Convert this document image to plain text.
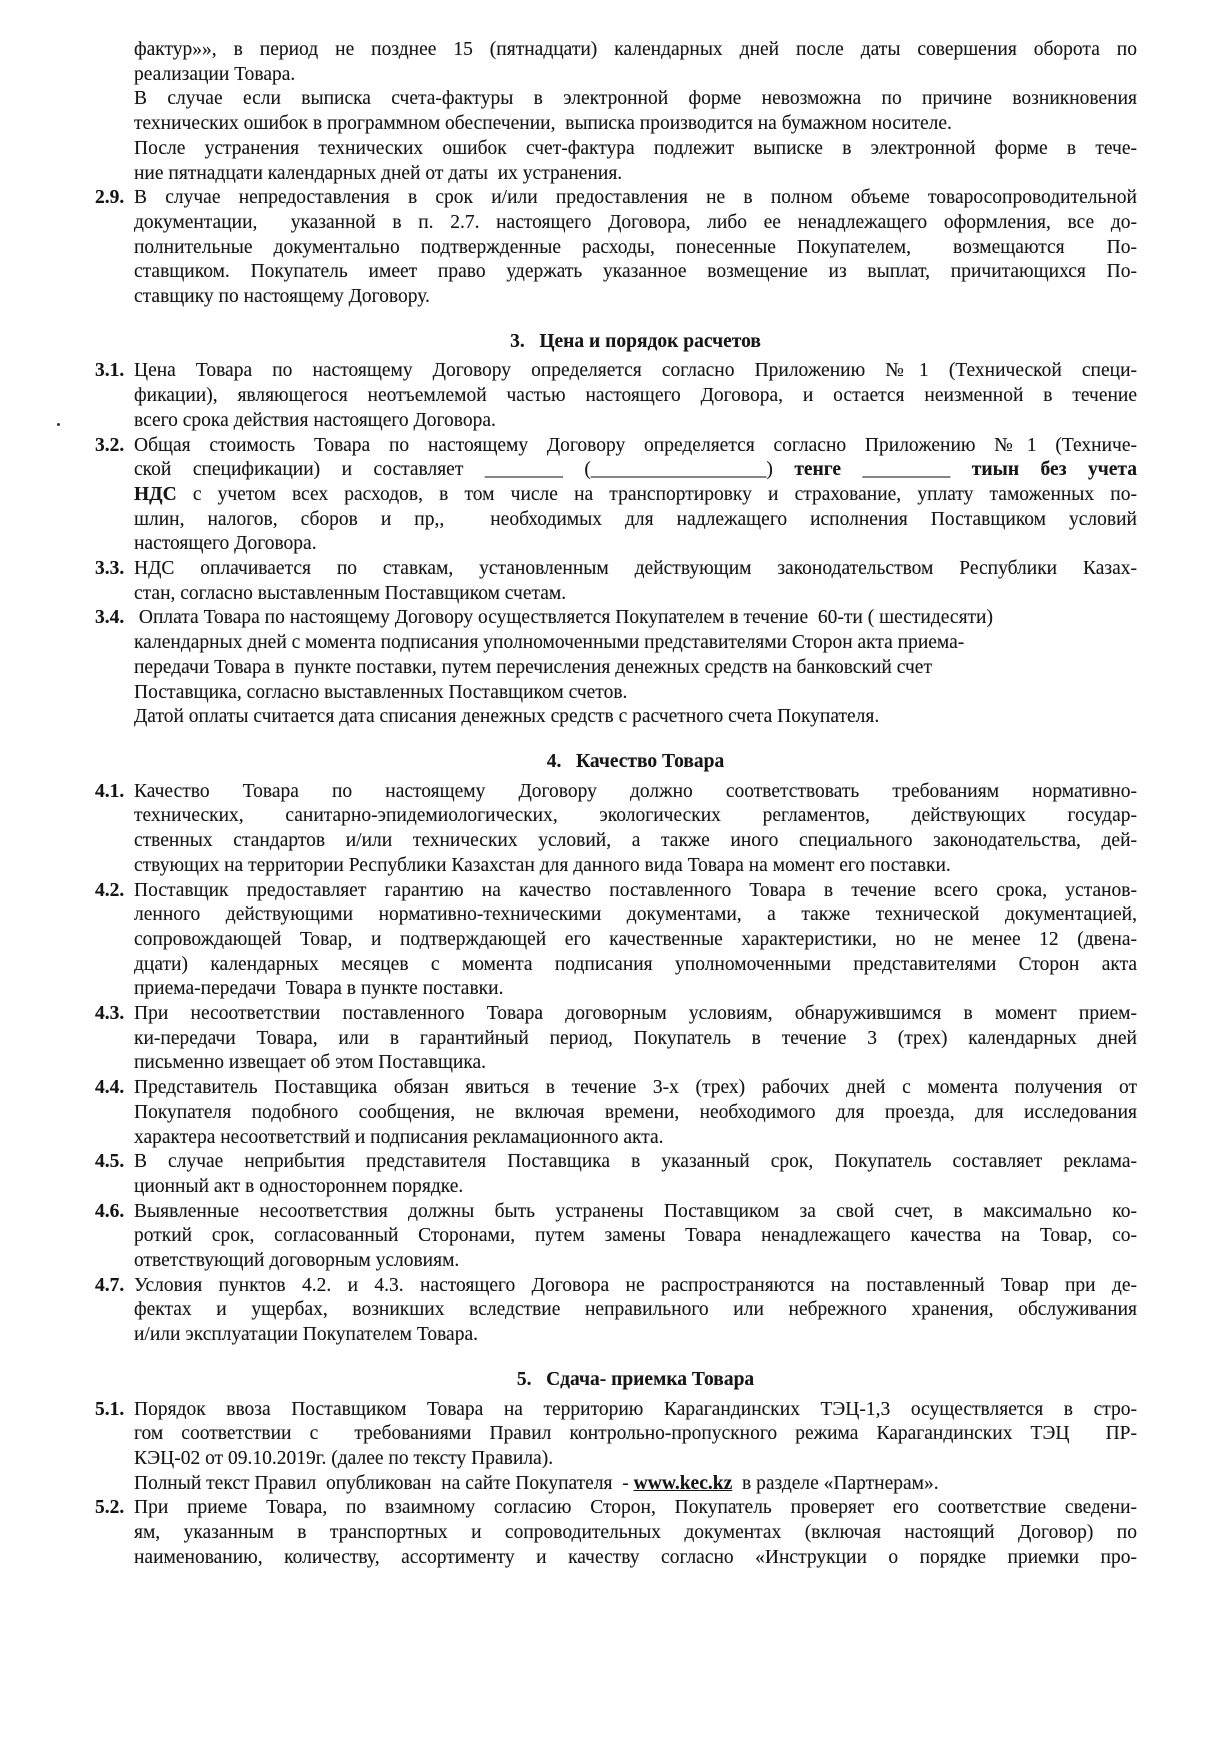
фактур»», в период не позднее 15 (пятнадцати) календарных дней после даты совершения оборота по
реализации Товара.
В случае если выписка счета-фактуры в электронной форме невозможна по причине возникновения
технических ошибок в программном обеспечении,  выписка производится на бумажном носителе.
После устранения технических ошибок счет-фактура подлежит выписке в электронной форме в тече-
ние пятнадцати календарных дней от даты  их устранения.
2.9. В случае непредоставления в срок и/или предоставления не в полном объеме товаросопроводительной
документации,  указанной в п. 2.7. настоящего Договора, либо ее ненадлежащего оформления, все до-
полнительные документально подтвержденные расходы, понесенные Покупателем,  возмещаются  По-
ставщиком. Покупатель имеет право удержать указанное возмещение из выплат, причитающихся По-
ставщику по настоящему Договору.
3.   Цена и порядок расчетов
3.1. Цена Товара по настоящему Договору определяется согласно Приложению №1 (Технической специ-
фикации), являющегося неотъемлемой частью настоящего Договора, и остается неизменной в течение
всего срока действия настоящего Договора.
3.2. Общая стоимость Товара по настоящему Договору определяется согласно Приложению №1 (Техниче-
ской спецификации) и составляет ________ (__________________) тенге _________ тиын без учета
НДС с учетом всех расходов, в том числе на транспортировку и страхование, уплату таможенных по-
шлин, налогов, сборов и пр,,  необходимых для надлежащего исполнения Поставщиком условий
настоящего Договора.
3.3. НДС оплачивается по ставкам, установленным действующим законодательством Республики Казах-
стан, согласно выставленным Поставщиком счетам.
3.4. Оплата Товара по настоящему Договору осуществляется Покупателем в течение  60-ти ( шестидесяти)
календарных дней с момента подписания уполномоченными представителями Сторон акта приема-
передачи Товара в  пункте поставки, путем перечисления денежных средств на банковский счет
Поставщика, согласно выставленных Поставщиком счетов.
Датой оплаты считается дата списания денежных средств с расчетного счета Покупателя.
4.   Качество Товара
4.1. Качество  Товара  по  настоящему  Договору  должно  соответствовать  требованиям  нормативно-
технических,  санитарно-эпидемиологических,  экологических  регламентов,  действующих  государ-
ственных стандартов и/или технических условий, а также иного специального законодательства, дей-
ствующих на территории Республики Казахстан для данного вида Товара на момент его поставки.
4.2. Поставщик предоставляет гарантию на качество поставленного Товара в течение всего срока, установ-
ленного действующими нормативно-техническими документами, а также технической документацией,
сопровождающей Товар, и подтверждающей его качественные характеристики, но не менее 12 (двена-
дцати) календарных месяцев с момента подписания уполномоченными представителями Сторон акта
приема-передачи  Товара в пункте поставки.
4.3. При несоответствии поставленного Товара договорным условиям, обнаружившимся в момент прием-
ки-передачи Товара, или в гарантийный период, Покупатель в течение 3 (трех) календарных дней
письменно извещает об этом Поставщика.
4.4. Представитель Поставщика обязан явиться в течение 3-х (трех) рабочих дней с момента получения от
Покупателя подобного сообщения, не включая времени, необходимого для проезда, для исследования
характера несоответствий и подписания рекламационного акта.
4.5. В случае неприбытия представителя Поставщика в указанный срок, Покупатель составляет реклама-
ционный акт в одностороннем порядке.
4.6. Выявленные несоответствия должны быть устранены Поставщиком за свой счет, в максимально ко-
роткий срок, согласованный Сторонами, путем замены Товара ненадлежащего качества на Товар, со-
ответствующий договорным условиям.
4.7. Условия пунктов 4.2. и 4.3. настоящего Договора не распространяются на поставленный Товар при де-
фектах и ущербах, возникших вследствие неправильного или небрежного хранения, обслуживания
и/или эксплуатации Покупателем Товара.
5.   Сдача- приемка Товара
5.1. Порядок ввоза Поставщиком Товара на территорию Карагандинских ТЭЦ-1,3 осуществляется в стро-
гом соответствии с  требованиями Правил контрольно-пропускного режима Карагандинских ТЭЦ  ПР-
КЭЦ-02 от 09.10.2019г. (далее по тексту Правила).
Полный текст Правил  опубликован  на сайте Покупателя  - www.kec.kz  в разделе «Партнерам».
5.2. При приеме Товара, по взаимному согласию Сторон, Покупатель проверяет его соответствие сведени-
ям,  указанным  в  транспортных  и  сопроводительных  документах  (включая  настоящий  Договор)  по
наименованию, количеству, ассортименту и качеству согласно «Инструкции о порядке приемки про-
